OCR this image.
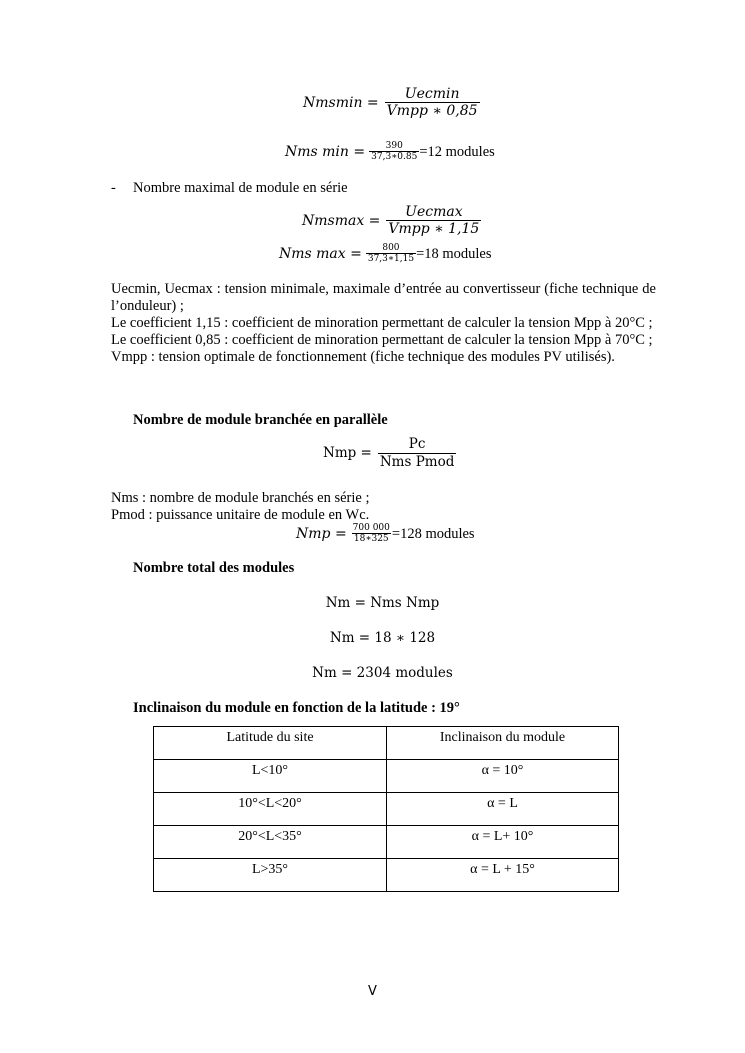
$Nmsmin = \frac{\text{Uecmin}}{\text{Vmpp ∗ 0,85}}$
Nms $\min = \frac{390}{37,3∗0.85} =12$ modules
- Nombre maximal de module en série
$Nmsmax = \frac{\text{Uecmax}}{\text{Vmpp ∗ 1,15}}$
Nms $\max = \frac{800}{37,3∗1,15} =18$ modules
Uecmin, Uecmax : tension minimale, maximale d’entrée au convertisseur (fiche technique de l’onduleur) ;
Le coefficient 1,15 : coefficient de minoration permettant de calculer la tension Mpp à 20°C ;
Le coefficient 0,85 : coefficient de minoration permettant de calculer la tension Mpp à 70°C ;
Vmpp : tension optimale de fonctionnement (fiche technique des modules PV utilisés).
Nombre de module branchée en parallèle
Nmp = $\frac{Pc}{\text{Nms Pmod}}$
Nms : nombre de module branchés en série ;
Pmod : puissance unitaire de module en Wc.
Nmp = $\frac{700 000}{18∗325} =128$ modules
Nombre total des modules
Nm = Nms Nmp
Nm = 18 ∗ 128
Nm = 2304 modules
Inclinaison du module en fonction de la latitude : 19°
Latitude du site	Inclinaison du module
L<10°	α = 10°
10°<L<20°	α = L
20°<L<35°	α = L+ 10°
L>35°	α = L + 15°
V
